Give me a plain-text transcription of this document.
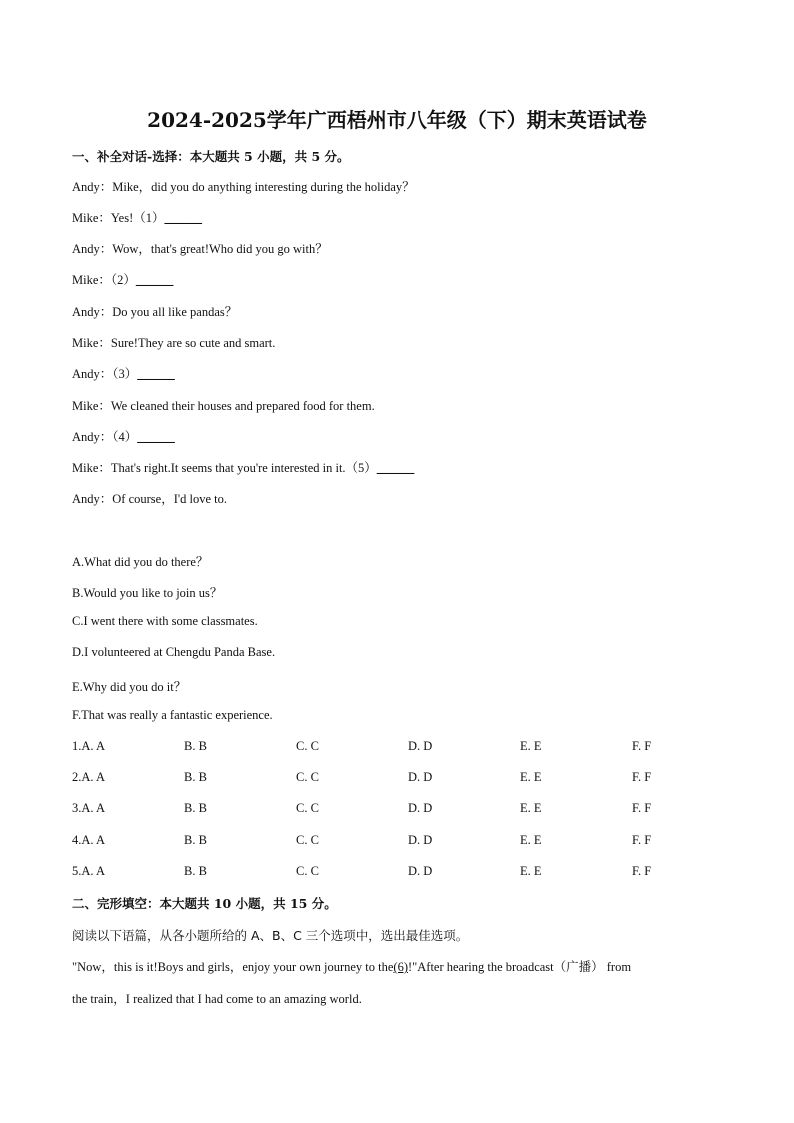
2024-2025学年广西梧州市八年级（下）期末英语试卷
一、补全对话-选择：本大题共 5 小题，共 5 分。
Andy：Mike，did you do anything interesting during the holiday？
Mike：Yes!（1）______
Andy：Wow，that's great!Who did you go with？
Mike：（2）______
Andy：Do you all like pandas？
Mike：Sure!They are so cute and smart.
Andy：（3）______
Mike：We cleaned their houses and prepared food for them.
Andy：（4）______
Mike：That's right.It seems that you're interested in it.（5）______
Andy：Of course，I'd love to.
A.What did you do there？
B.Would you like to join us？
C.I went there with some classmates.
D.I volunteered at Chengdu Panda Base.
E.Why did you do it？
F.That was really a fantastic experience.
1.A. A	B. B	C. C	D. D	E. E	F. F
2.A. A	B. B	C. C	D. D	E. E	F. F
3.A. A	B. B	C. C	D. D	E. E	F. F
4.A. A	B. B	C. C	D. D	E. E	F. F
5.A. A	B. B	C. C	D. D	E. E	F. F
二、完形填空：本大题共 10 小题，共 15 分。
阅读以下语篇，从各小题所给的 A、B、C 三个选项中，选出最佳选项。
"Now，this is it!Boys and girls，enjoy your own journey to the(6)!"After hearing the broadcast（广播） from
the train，I realized that I had come to an amazing world.
